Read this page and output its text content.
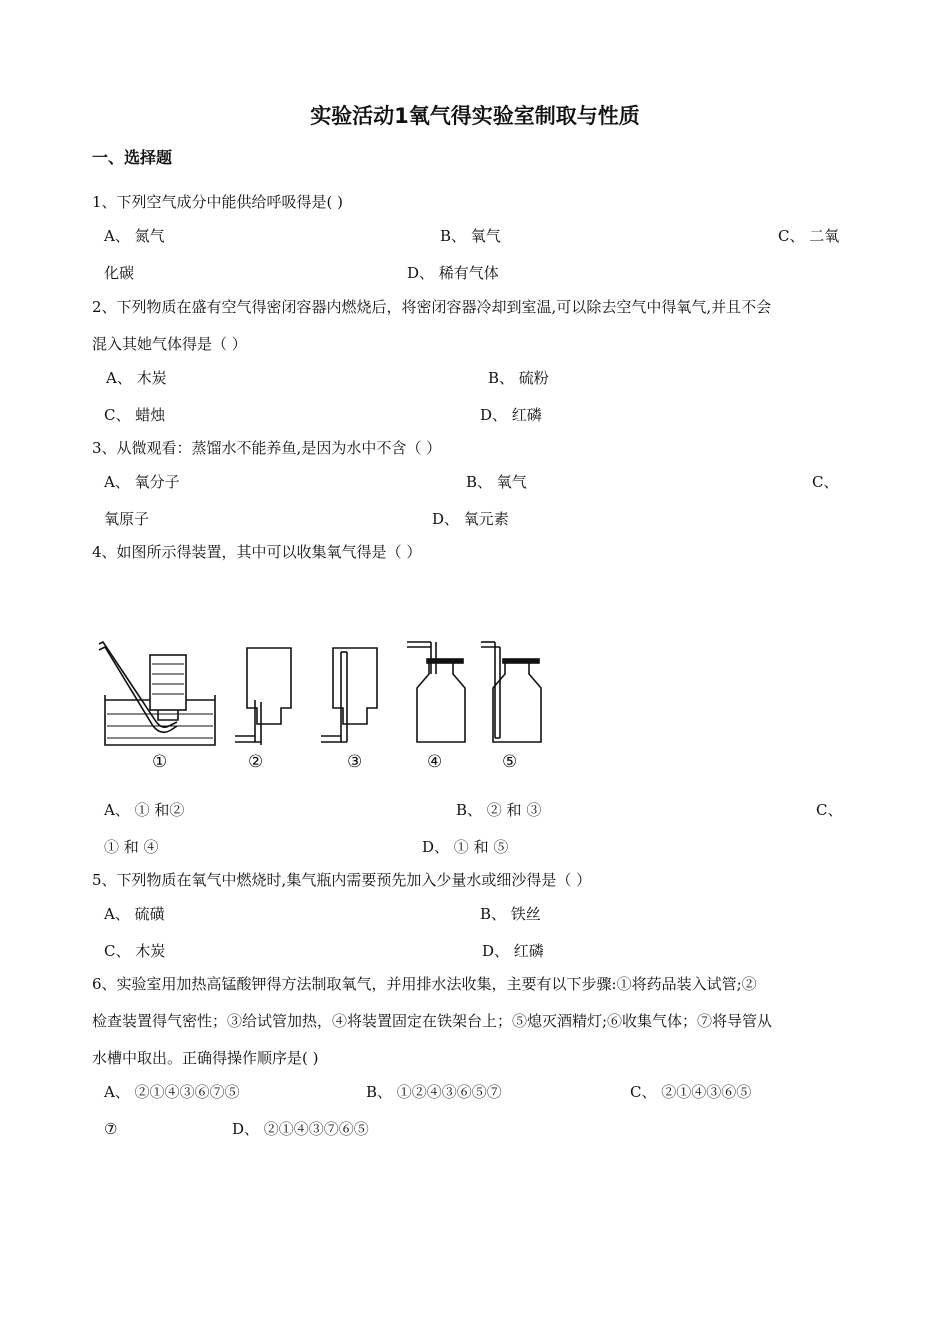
实验活动1氧气得实验室制取与性质
一、选择题
1、下列空气成分中能供给呼吸得是( )
A、 氮气	B、 氧气	C、 二氧
化碳	D、 稀有气体
2、下列物质在盛有空气得密闭容器内燃烧后，将密闭容器冷却到室温,可以除去空气中得氧气,并且不会
混入其她气体得是（ ）
A、 木炭	B、 硫粉
C、 蜡烛	D、 红磷
3、从微观看：蒸馏水不能养鱼,是因为水中不含（ ）
A、 氧分子	B、 氧气	C、
氧原子	D、 氧元素
4、如图所示得装置，其中可以收集氧气得是（ ）
①	②	③	④	⑤
A、 ① 和②	B、 ② 和 ③	C、
① 和 ④	D、 ① 和 ⑤
5、下列物质在氧气中燃烧时,集气瓶内需要预先加入少量水或细沙得是（ ）
A、 硫磺	B、 铁丝
C、 木炭	D、 红磷
6、实验室用加热高锰酸钾得方法制取氧气，并用排水法收集，主要有以下步骤:①将药品装入试管;②
检查装置得气密性；③给试管加热，④将装置固定在铁架台上；⑤熄灭酒精灯;⑥收集气体；⑦将导管从
水槽中取出。正确得操作顺序是( )
A、 ②①④③⑥⑦⑤	B、 ①②④③⑥⑤⑦	C、 ②①④③⑥⑤
⑦	D、 ②①④③⑦⑥⑤
